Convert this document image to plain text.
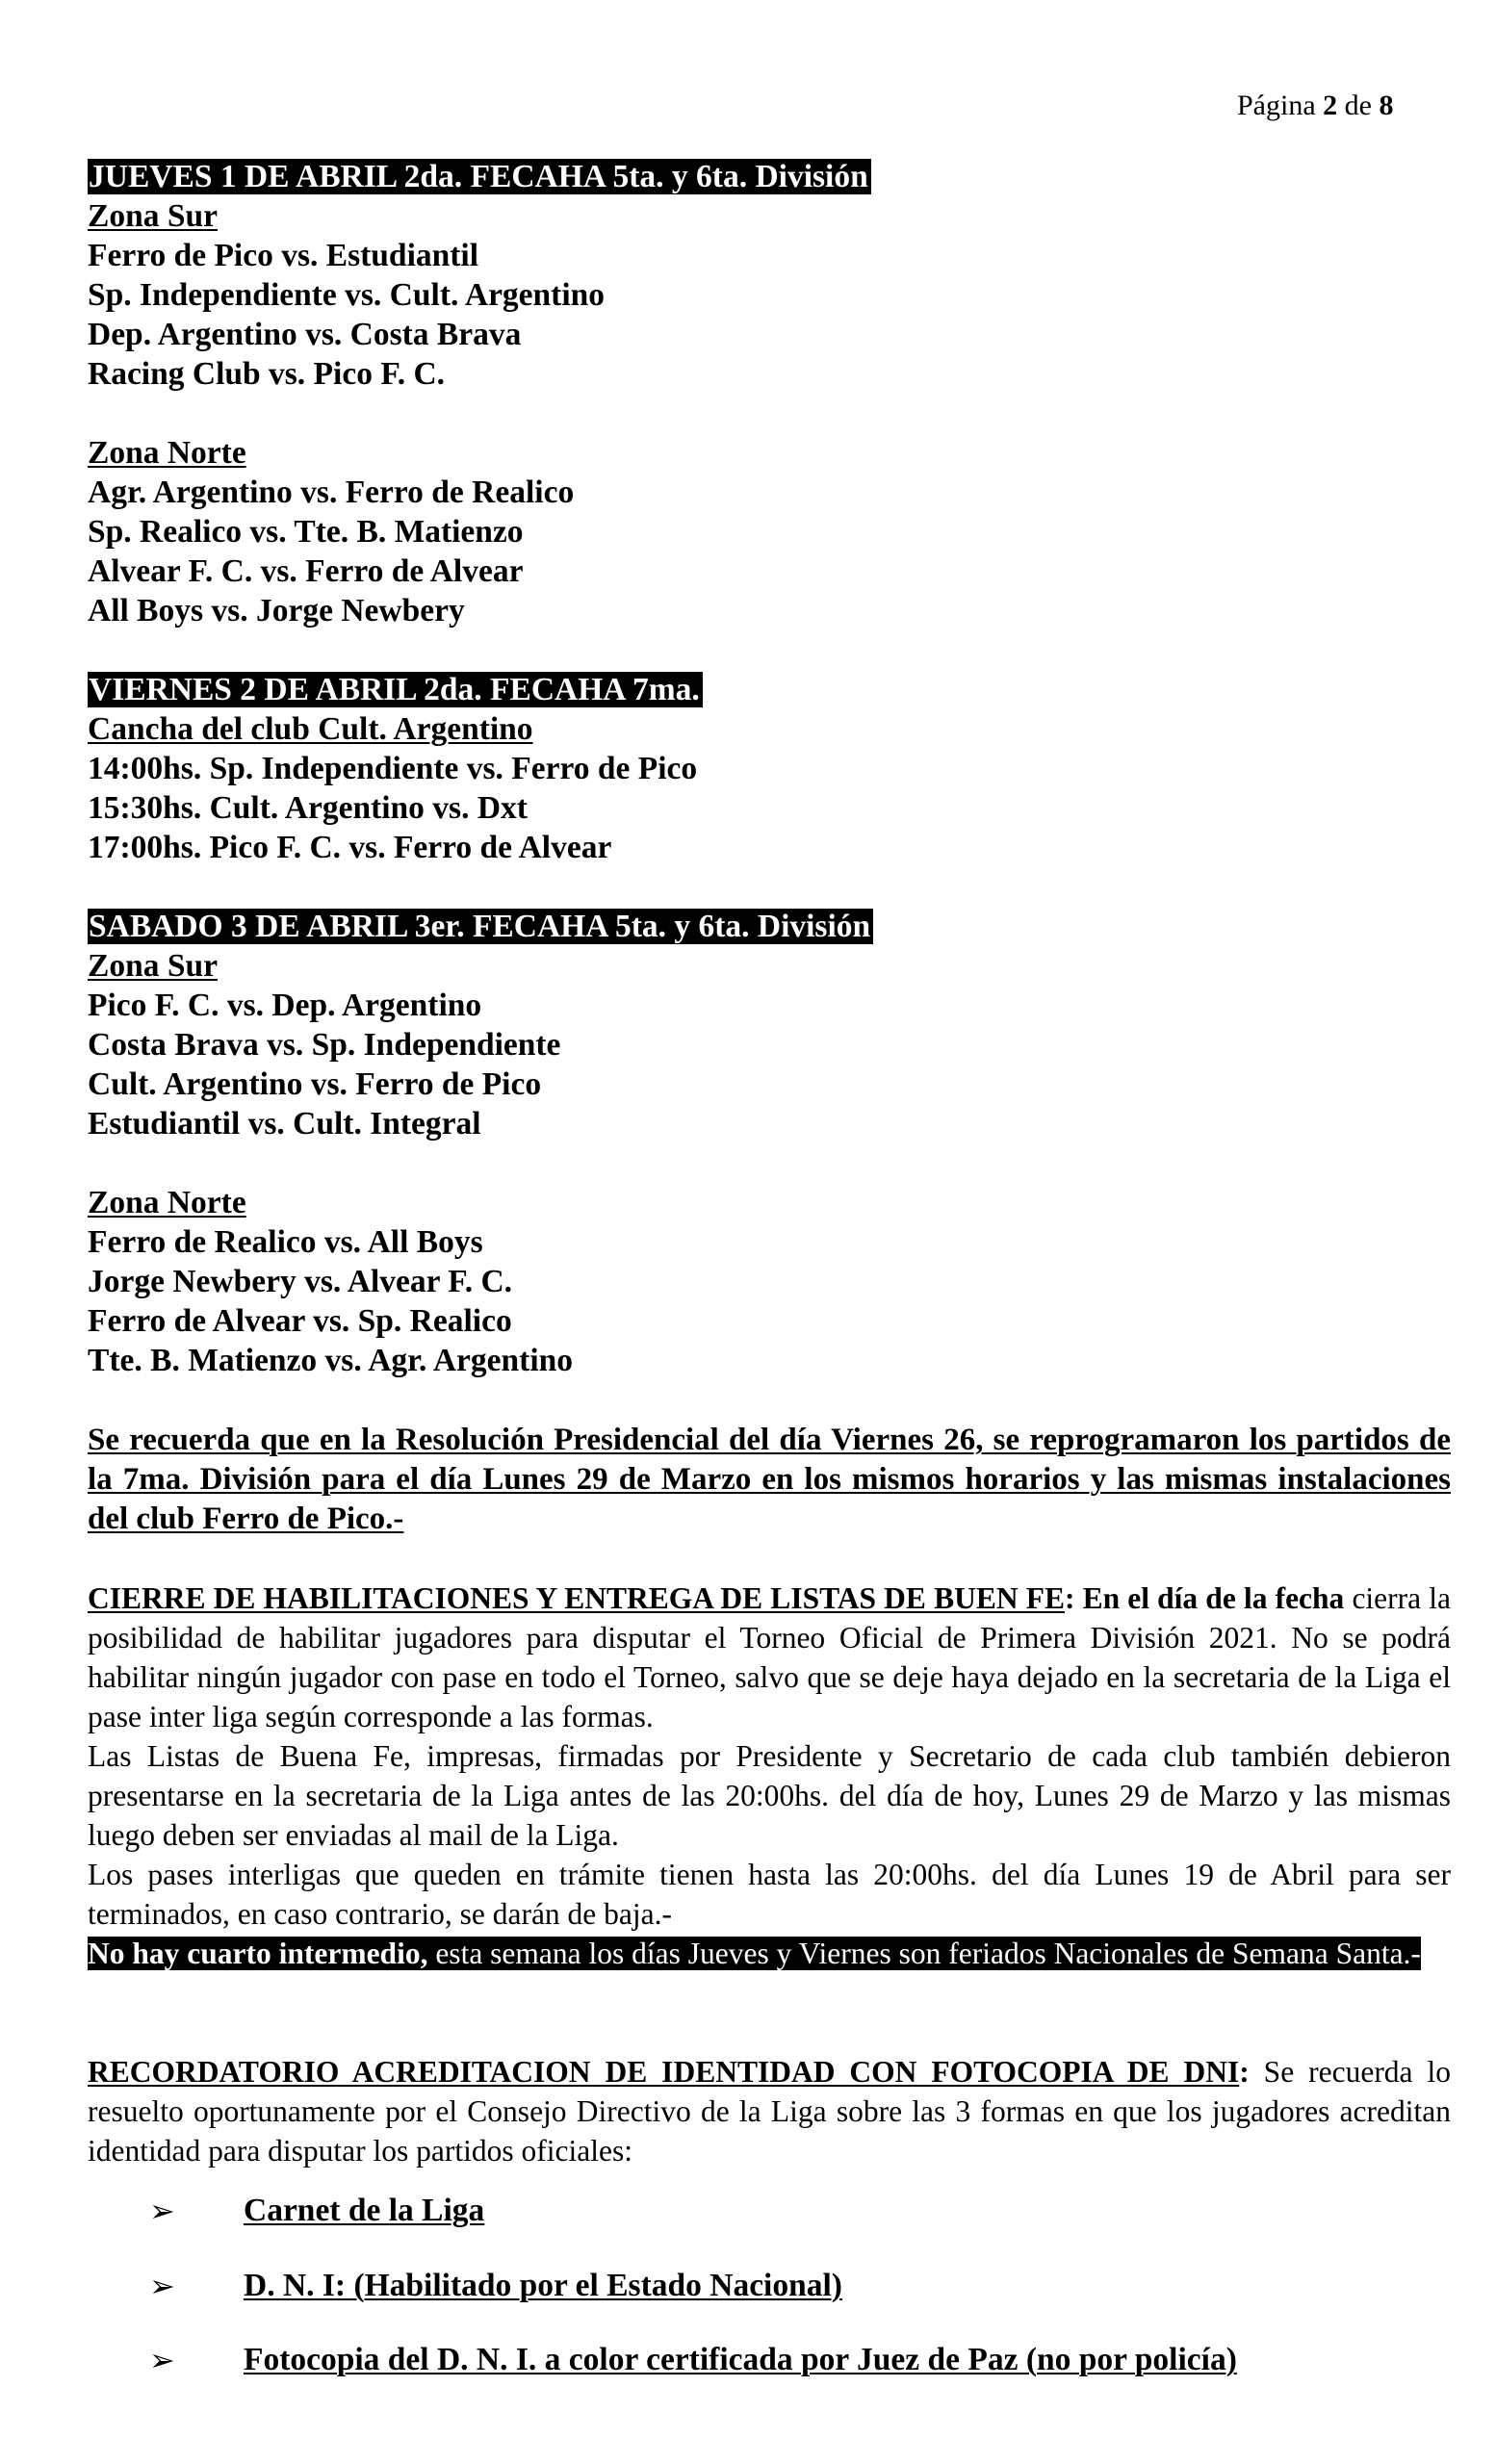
Página 2 de 8
JUEVES 1 DE ABRIL 2da. FECAHA 5ta. y 6ta. División
Zona Sur
Ferro de Pico vs. Estudiantil
Sp. Independiente vs. Cult. Argentino
Dep. Argentino vs. Costa Brava
Racing Club vs. Pico F. C.
Zona Norte
Agr. Argentino vs. Ferro de Realico
Sp. Realico vs. Tte. B. Matienzo
Alvear F. C. vs. Ferro de Alvear
All Boys vs. Jorge Newbery
VIERNES 2 DE ABRIL 2da. FECAHA 7ma.
Cancha del club Cult. Argentino
14:00hs. Sp. Independiente vs. Ferro de Pico
15:30hs. Cult. Argentino vs. Dxt
17:00hs. Pico F. C. vs. Ferro de Alvear
SABADO 3 DE ABRIL 3er. FECAHA 5ta. y 6ta. División
Zona Sur
Pico F. C. vs. Dep. Argentino
Costa Brava vs. Sp. Independiente
Cult. Argentino vs. Ferro de Pico
Estudiantil vs. Cult. Integral
Zona Norte
Ferro de Realico vs. All Boys
Jorge Newbery vs. Alvear F. C.
Ferro de Alvear vs. Sp. Realico
Tte. B. Matienzo vs. Agr. Argentino
Se recuerda que en la Resolución Presidencial del día Viernes 26, se reprogramaron los partidos de la 7ma. División para el día Lunes 29 de Marzo en los mismos horarios y las mismas instalaciones del club Ferro de Pico.-
CIERRE DE HABILITACIONES Y ENTREGA DE LISTAS DE BUEN FE: En el día de la fecha cierra la posibilidad de habilitar jugadores para disputar el Torneo Oficial de Primera División 2021. No se podrá habilitar ningún jugador con pase en todo el Torneo, salvo que se deje haya dejado en la secretaria de la Liga el pase inter liga según corresponde a las formas.
Las Listas de Buena Fe, impresas, firmadas por Presidente y Secretario de cada club también debieron presentarse en la secretaria de la Liga antes de las 20:00hs. del día de hoy, Lunes 29 de Marzo y las mismas luego deben ser enviadas al mail de la Liga.
Los pases interligas que queden en trámite tienen hasta las 20:00hs. del día Lunes 19 de Abril para ser terminados, en caso contrario, se darán de baja.-
No hay cuarto intermedio, esta semana los días Jueves y Viernes son feriados Nacionales de Semana Santa.-
RECORDATORIO ACREDITACION DE IDENTIDAD CON FOTOCOPIA DE DNI: Se recuerda lo resuelto oportunamente por el Consejo Directivo de la Liga sobre las 3 formas en que los jugadores acreditan identidad para disputar los partidos oficiales:
➢ Carnet de la Liga
➢ D. N. I: (Habilitado por el Estado Nacional)
➢ Fotocopia del D. N. I. a color certificada por Juez de Paz (no por policía)
